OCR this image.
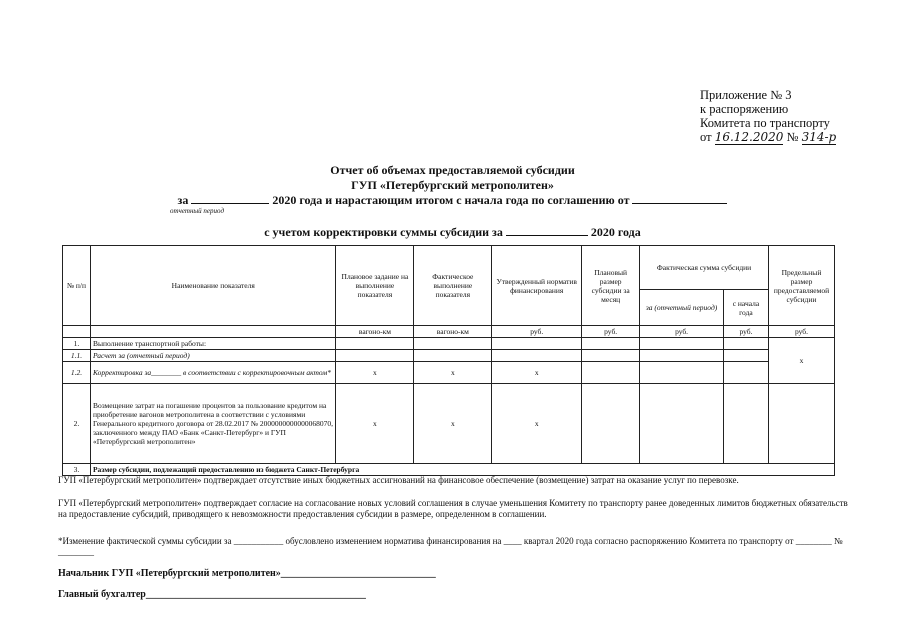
Приложение № 3
к распоряжению
Комитета по транспорту
от 16.12.2020 № 314-р
Отчет об объемах предоставляемой субсидии
ГУП «Петербургский метрополитен»
за	2020 года и нарастающим итогом с начала года по соглашению от
отчетный период
с учетом корректировки суммы субсидии за	2020 года
№ п/п	Наименование показателя	Плановое задание на выполнение показателя	Фактическое выполнение показателя	Утвержденный норматив финансирования	Плановый размер субсидии за месяц	Фактическая сумма субсидии		Предельный размер предоставляемой субсидии
						за (отчетный период)	с начала года	
		вагоно-км	вагоно-км	руб.	руб.	руб.	руб.	руб.
1.	Выполнение транспортной работы:							х
1.1.	Расчет за (отчетный период)							
1.2.	Корректировка за________ в соответствии с корректировочным актом*	х	х	х				
2.	Возмещение затрат на погашение процентов за пользование кредитом на приобретение вагонов метрополитена в соответствии с условиями Генерального кредитного договора от 28.02.2017 № 2000000000000068070, заключенного между ПАО «Банк «Санкт-Петербург» и ГУП «Петербургский метрополитен»	х	х	х				
3.	Размер субсидии, подлежащий предоставлению из бюджета Санкт-Петербурга							
ГУП «Петербургский метрополитен» подтверждает отсутствие иных бюджетных ассигнований на финансовое обеспечение (возмещение) затрат на оказание услуг по перевозке.
ГУП «Петербургский метрополитен» подтверждает согласие на согласование новых условий соглашения в случае уменьшения Комитету по транспорту ранее доведенных лимитов бюджетных обязательств на предоставление субсидий, приводящего к невозможности предоставления субсидии в размере, определенном в соглашении.
*Изменение фактической суммы субсидии за ___________ обусловлено изменением норматива финансирования на ____ квартал 2020 года согласно распоряжению Комитета по транспорту от ________ № ________
Начальник ГУП «Петербургский метрополитен»_______________________________
Главный бухгалтер____________________________________________
